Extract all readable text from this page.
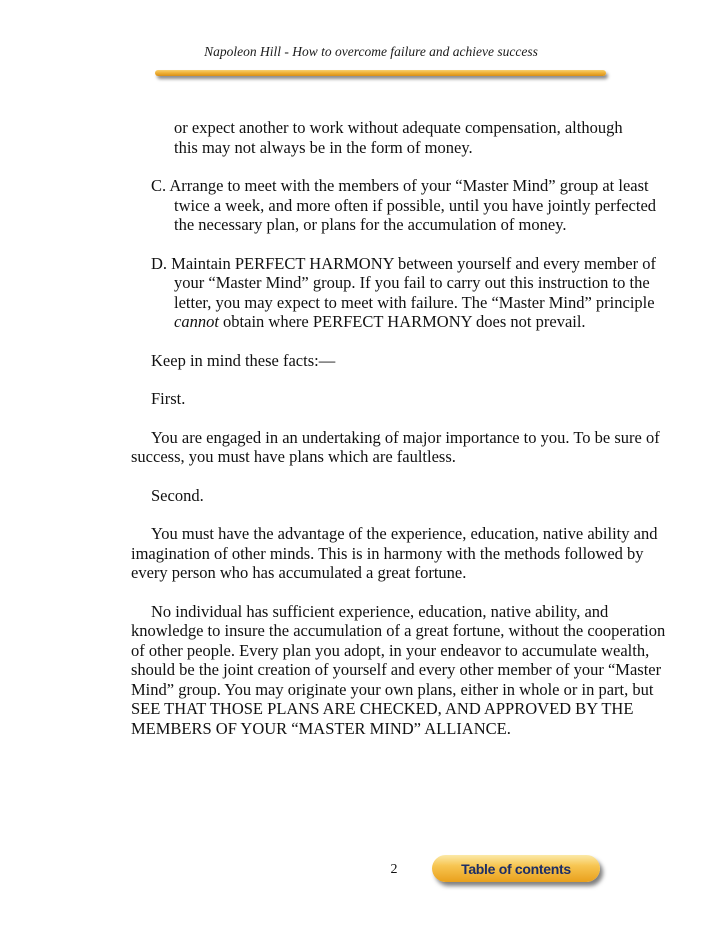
Napoleon Hill - How to overcome failure and achieve success

or expect another to work without adequate compensation, although

this may not always be in the form of money.

C. Arrange to meet with the members of your “Master Mind” group at least twice a week, and more often if possible, until you have jointly perfected the necessary plan, or plans for the accumulation of money.

D. Maintain PERFECT HARMONY between yourself and every member of your “Master Mind” group. If you fail to carry out this instruction to the letter, you may expect to meet with failure. The “Master Mind” principle cannot obtain where PERFECT HARMONY does not prevail.

Keep in mind these facts:—

First.

You are engaged in an undertaking of major importance to you. To be sure of success, you must have plans which are faultless.

Second.

You must have the advantage of the experience, education, native ability and imagination of other minds. This is in harmony with the methods followed by every person who has accumulated a great fortune.

No individual has sufficient experience, education, native ability, and knowledge to insure the accumulation of a great fortune, without the cooperation of other people. Every plan you adopt, in your endeavor to accumulate wealth, should be the joint creation of yourself and every other member of your “Master Mind” group. You may originate your own plans, either in whole or in part, but SEE THAT THOSE PLANS ARE CHECKED, AND APPROVED BY THE MEMBERS OF YOUR “MASTER MIND” ALLIANCE.

2	Table of contents
